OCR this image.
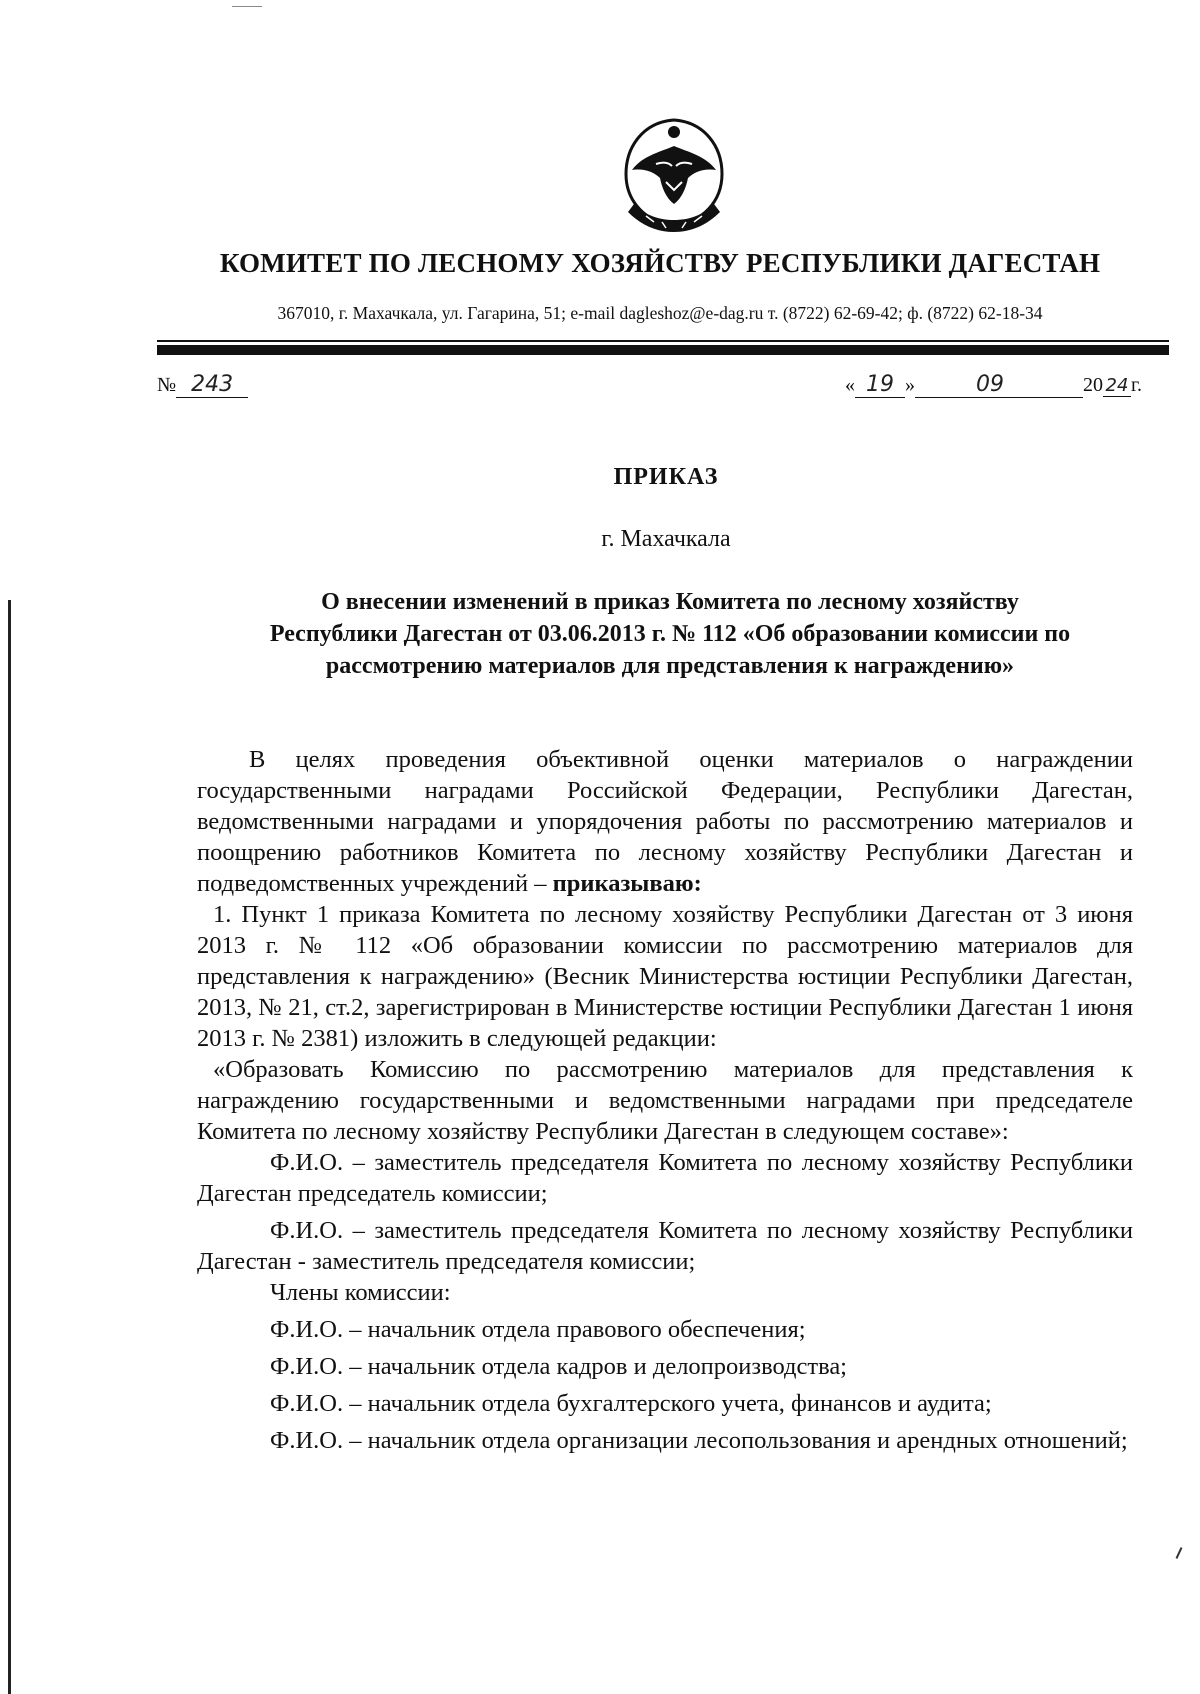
КОМИТЕТ ПО ЛЕСНОМУ ХОЗЯЙСТВУ РЕСПУБЛИКИ ДАГЕСТАН
367010, г. Махачкала, ул. Гагарина, 51; e-mail dagleshoz@e-dag.ru т. (8722) 62-69-42; ф. (8722) 62-18-34
№ 243	« 19 »	09	20 24 г.
ПРИКАЗ
г. Махачкала
О внесении изменений в приказ Комитета по лесному хозяйству Республики Дагестан от 03.06.2013 г. № 112 «Об образовании комиссии по рассмотрению материалов для представления к награждению»

В целях проведения объективной оценки материалов о награждении государственными наградами Российской Федерации, Республики Дагестан, ведомственными наградами и упорядочения работы по рассмотрению материалов и поощрению работников Комитета по лесному хозяйству Республики Дагестан и подведомственных учреждений – приказываю:

1. Пункт 1 приказа Комитета по лесному хозяйству Республики Дагестан от 3 июня 2013 г. № 112 «Об образовании комиссии по рассмотрению материалов для представления к награждению» (Весник Министерства юстиции Республики Дагестан, 2013, № 21, ст.2, зарегистрирован в Министерстве юстиции Республики Дагестан 1 июня 2013 г. № 2381) изложить в следующей редакции:

«Образовать Комиссию по рассмотрению материалов для представления к награждению государственными и ведомственными наградами при председателе Комитета по лесному хозяйству Республики Дагестан в следующем составе»:

Ф.И.О. – заместитель председателя Комитета по лесному хозяйству Республики Дагестан председатель комиссии;

Ф.И.О. – заместитель председателя Комитета по лесному хозяйству Республики Дагестан - заместитель председателя комиссии;

Члены комиссии:

Ф.И.О. – начальник отдела правового обеспечения;

Ф.И.О. – начальник отдела кадров и делопроизводства;

Ф.И.О. – начальник отдела бухгалтерского учета, финансов и аудита;

Ф.И.О. – начальник отдела организации лесопользования и арендных отношений;
